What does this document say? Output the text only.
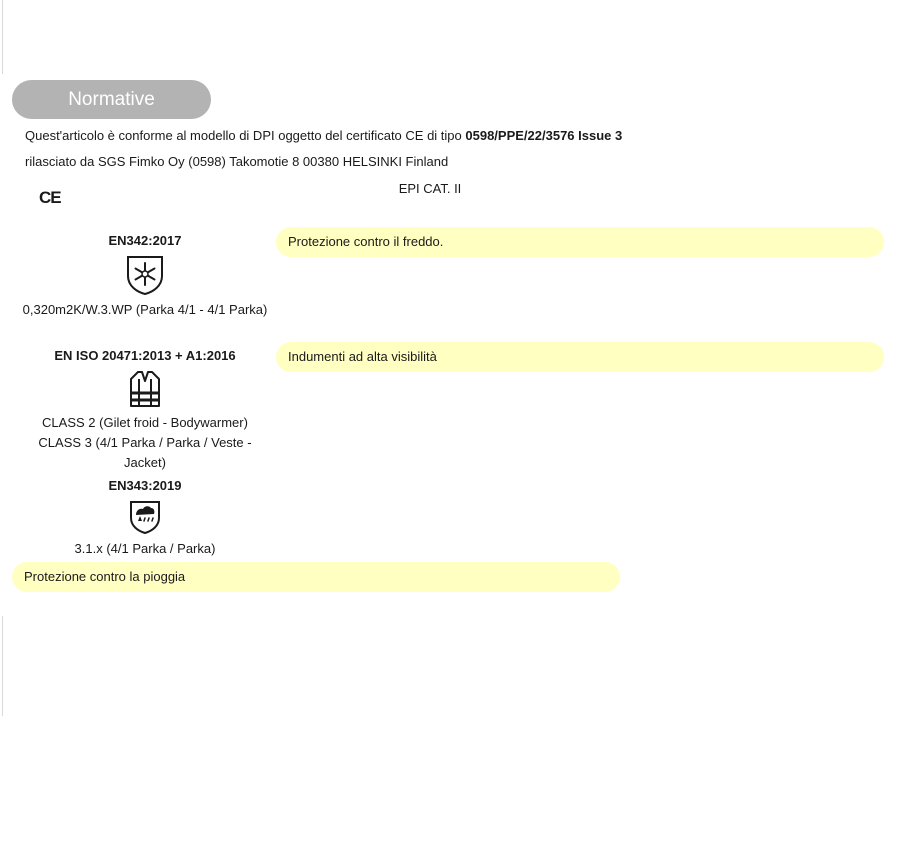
Normative
Quest'articolo è conforme al modello di DPI oggetto del certificato CE di tipo 0598/PPE/22/3576 Issue 3
rilasciato da SGS Fimko Oy (0598) Takomotie 8 00380 HELSINKI Finland
CE	EPI CAT. II
EN342:2017
0,320m2K/W.3.WP (Parka 4/1 - 4/1 Parka)
Protezione contro il freddo.
EN ISO 20471:2013 + A1:2016
CLASS 2 (Gilet froid - Bodywarmer)
CLASS 3 (4/1 Parka / Parka / Veste -
Jacket)
Indumenti ad alta visibilità
EN343:2019
3.1.x (4/1 Parka / Parka)
Protezione contro la pioggia
